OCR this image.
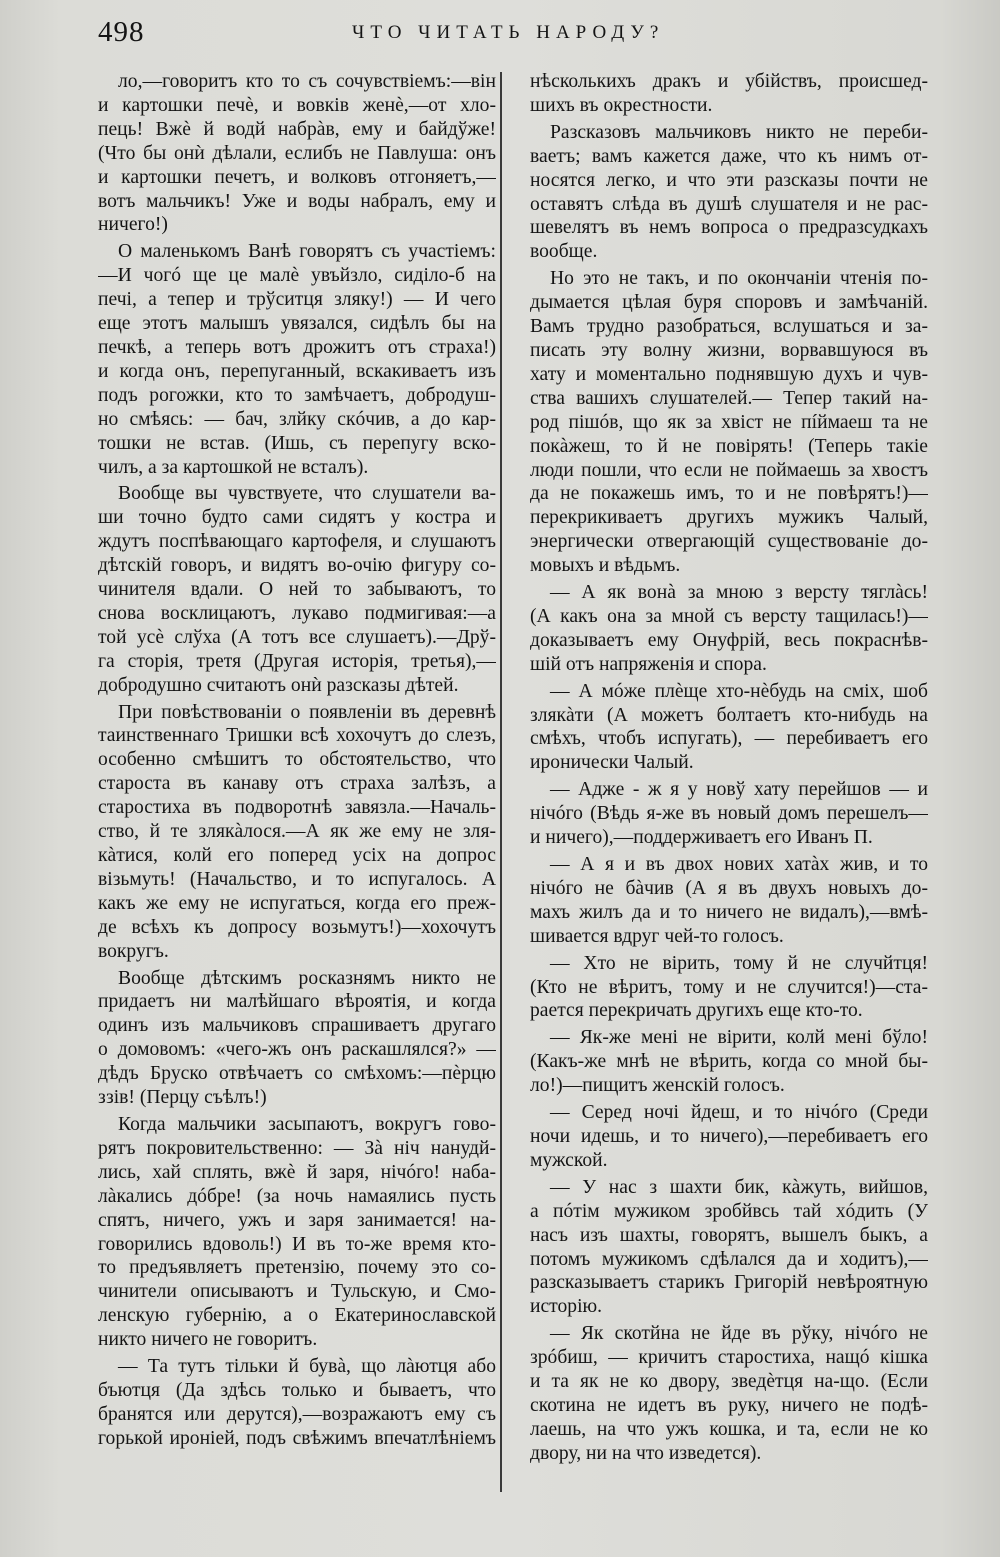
498	ЧТО ЧИТАТЬ НАРОДУ?
ло,—говоритъ кто то съ сочувствіемъ:—він
и картошки печѐ, и вовків женѐ,—от хло-
пець! Вжѐ й водй набрàв, ему и байдўже!
(Что бы онѝ дѣлали, еслибъ не Павлуша: онъ
и картошки печетъ, и волковъ отгоняетъ,—
вотъ мальчикъ! Уже и воды набралъ, ему и
ничего!)
О маленькомъ Ванѣ говорятъ съ участіемъ:
—И чогó ще це малѐ увъйзло, сиділо-б на
печі, а тепер и трўситця зляку!) — И чего
еще этотъ малышъ увязался, сидѣлъ бы на
печкѣ, а теперь вотъ дрожитъ отъ страха!)
и когда онъ, перепуганный, вскакиваетъ изъ
подъ рогожки, кто то замѣчаетъ, добродуш-
но смѣясь: — бач, злйку скóчив, а до кар-
тошки не встав. (Ишь, съ перепугу вско-
чилъ, а за картошкой не всталъ).
Вообще вы чувствуете, что слушатели ва-
ши точно будто сами сидятъ у костра и
ждутъ поспѣвающаго картофеля, и слушаютъ
дѣтскій говоръ, и видятъ во-очію фигуру со-
чинителя вдали. О ней то забываютъ, то
снова восклицаютъ, лукаво подмигивая:—а
той усѐ слўха (А тотъ все слушаетъ).—Дрў-
га сторія, третя (Другая исторія, третья),—
добродушно считаютъ онѝ разсказы дѣтей.
При повѣствованіи о появленіи въ деревнѣ
таинственнаго Тришки всѣ хохочутъ до слезъ,
особенно смѣшитъ то обстоятельство, что
староста въ канаву отъ страха залѣзъ, а
старостиха въ подворотнѣ завязла.—Началь-
ство, й те злякàлося.—А як же ему не зля-
кàтися, колй его поперед усіх на допрос
візьмуть! (Начальство, и то испугалось. А
какъ же ему не испугаться, когда его преж-
де всѣхъ къ допросу возьмутъ!)—хохочутъ
вокругъ.
Вообще дѣтскимъ росказнямъ никто не
придаетъ ни малѣйшаго вѣроятія, и когда
одинъ изъ мальчиковъ спрашиваетъ другаго
о домовомъ: «чего-жъ онъ раскашлялся?» —
дѣдъ Бруско отвѣчаетъ со смѣхомъ:—пѐрцю
ззів! (Перцу съѣлъ!)
Когда мальчики засыпаютъ, вокругъ гово-
рятъ покровительственно: — Зà ніч нанудй-
лись, хай сплять, вжѐ й заря, нічóго! наба-
лàкались дóбре! (за ночь намаялись пусть
спятъ, ничего, ужъ и заря занимается! на-
говорились вдоволь!) И въ то-же время кто-
то предъявляетъ претензію, почему это со-
чинители описываютъ и Тульскую, и Смо-
ленскую губернію, а о Екатеринославской
никто ничего не говоритъ.
— Та тутъ тільки й бувà, що лàютця або
бъютця (Да здѣсь только и бываетъ, что
бранятся или дерутся),—возражаютъ ему съ
горькой ироніей, подъ свѣжимъ впечатлѣніемъ
нѣсколькихъ дракъ и убійствъ, происшед-
шихъ въ окрестности.
Разсказовъ мальчиковъ никто не переби-
ваетъ; вамъ кажется даже, что къ нимъ от-
носятся легко, и что эти разсказы почти не
оставятъ слѣда въ душѣ слушателя и не рас-
шевелятъ въ немъ вопроса о предразсудкахъ
вообще.
Но это не такъ, и по окончаніи чтенія по-
дымается цѣлая буря споровъ и замѣчаній.
Вамъ трудно разобраться, вслушаться и за-
писать эту волну жизни, ворвавшуюся въ
хату и моментально поднявшую духъ и чув-
ства вашихъ слушателей.— Тепер такий на-
род пішóв, що як за хвіст не пíймаеш та не
покàжеш, то й не повірять! (Теперь такіе
люди пошли, что если не поймаешь за хвостъ
да не покажешь имъ, то и не повѣрятъ!)—
перекрикиваетъ другихъ мужикъ Чалый,
энергически отвергающій существованіе до-
мовыхъ и вѣдьмъ.
— А як вонà за мною з версту тяглàсь!
(А какъ она за мной съ версту тащилась!)—
доказываетъ ему Онуфрій, весь покраснѣв-
шій отъ напряженія и спора.
— А мóже плѐще хто-нѐбудь на сміх, шоб
злякàти (А можетъ болтаетъ кто-нибудь на
смѣхъ, чтобъ испугать), — перебиваетъ его
иронически Чалый.
— Адже - ж я у новў хату перейшов — и
нічóго (Вѣдь я-же въ новый домъ перешелъ—
и ничего),—поддерживаетъ его Иванъ П.
— А я и въ двох нових хатàх жив, и то
нічóго не бàчив (А я въ двухъ новыхъ до-
махъ жилъ да и то ничего не видалъ),—вмѣ-
шивается вдруг чей-то голосъ.
— Хто не вірить, тому й не случйтця!
(Кто не вѣритъ, тому и не случится!)—ста-
рается перекричать другихъ еще кто-то.
— Як-же мені не вірити, колй мені бўло!
(Какъ-же мнѣ не вѣрить, когда со мной бы-
ло!)—пищитъ женскій голосъ.
— Серед ночі йдеш, и то нічóго (Среди
ночи идешь, и то ничего),—перебиваетъ его
мужской.
— У нас з шахти бик, кàжуть, вийшов,
а пóтім мужиком зробйвсь тай хóдить (У
насъ изъ шахты, говорятъ, вышелъ быкъ, а
потомъ мужикомъ сдѣлался да и ходитъ),—
разсказываетъ старикъ Григорій невѣроятную
исторію.
— Як скотйна не йде въ рўку, нічóго не
зрóбиш, — кричитъ старостиха, нащó кішка
и та як не ко двору, зведѐтця на-що. (Если
скотина не идетъ въ руку, ничего не подѣ-
лаешь, на что ужъ кошка, и та, если не ко
двору, ни на что изведется).
